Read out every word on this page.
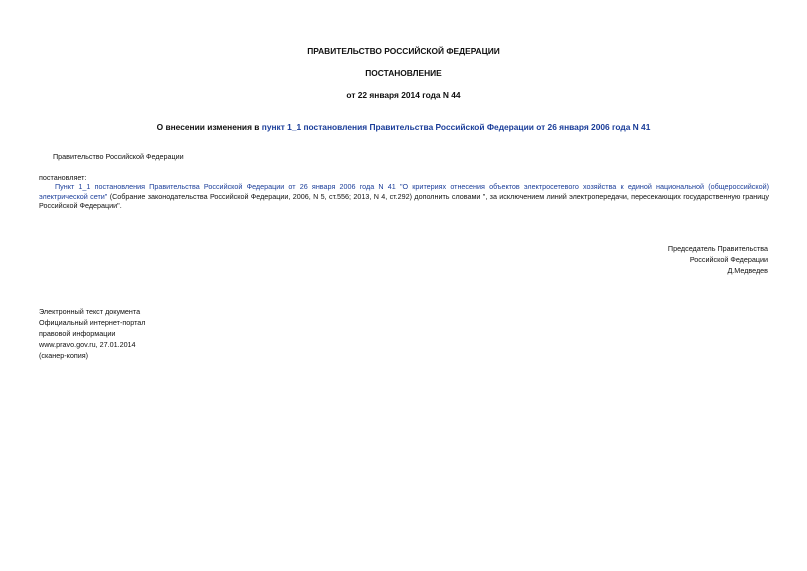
ПРАВИТЕЛЬСТВО РОССИЙСКОЙ ФЕДЕРАЦИИ
ПОСТАНОВЛЕНИЕ
от 22 января 2014 года N 44
О внесении изменения в пункт 1_1 постановления Правительства Российской Федерации от 26 января 2006 года N 41
Правительство Российской Федерации
постановляет:
Пункт 1_1 постановления Правительства Российской Федерации от 26 января 2006 года N 41 "О критериях отнесения объектов электросетевого хозяйства к единой национальной (общероссийской) электрической сети" (Собрание законодательства Российской Федерации, 2006, N 5, ст.556; 2013, N 4, ст.292) дополнить словами ", за исключением линий электропередачи, пересекающих государственную границу Российской Федерации".
Председатель Правительства
Российской Федерации
Д.Медведев
Электронный текст документа
Официальный интернет-портал
правовой информации
www.pravo.gov.ru, 27.01.2014
(сканер-копия)
